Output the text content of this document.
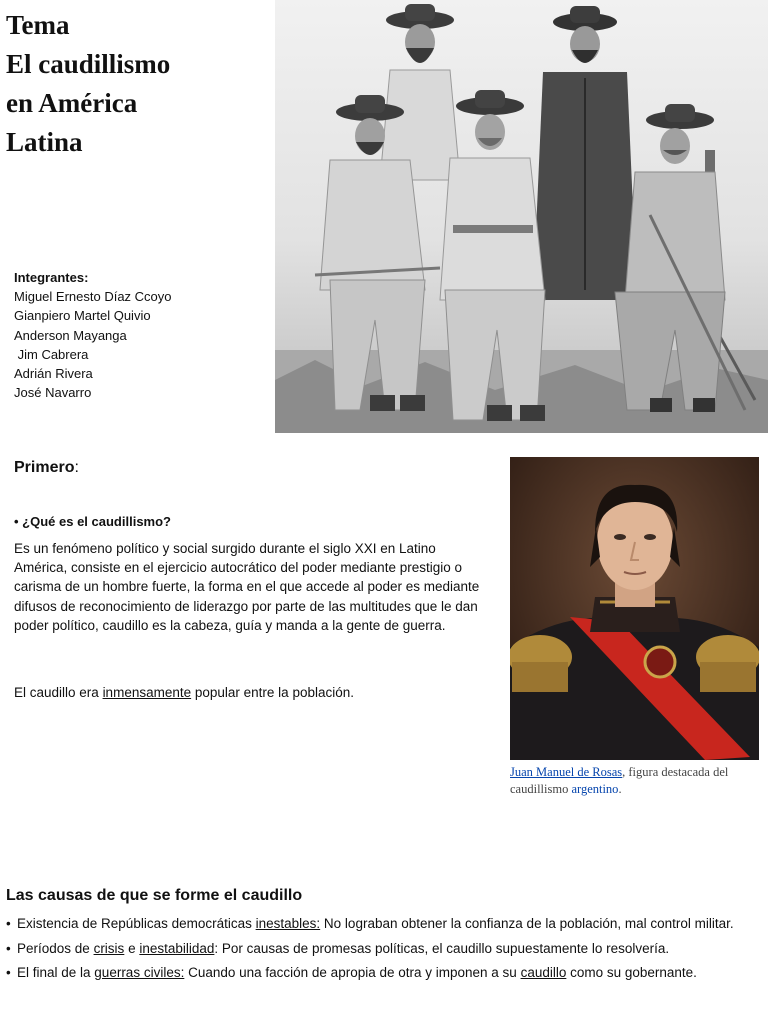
Tema
El caudillismo
en América
Latina
Integrantes:
Miguel Ernesto Díaz Ccoyo
Gianpiero Martel Quivio
Anderson Mayanga
Jim Cabrera
Adrián Rivera
José Navarro
Primero:
• ¿Qué es el caudillismo?

Es un fenómeno político y social surgido durante el siglo XXI en Latino América, consiste en el ejercicio autocrático del poder mediante prestigio o carisma de un hombre fuerte, la forma en el que accede al poder es mediante difusos de reconocimiento de liderazgo por parte de las multitudes que le dan poder político, caudillo es la cabeza, guía y manda a la gente de guerra.

El caudillo era inmensamente popular entre la población.
Juan Manuel de Rosas, figura destacada del caudillismo argentino.
Las causas de que se forme el caudillo
• Existencia de Repúblicas democráticas inestables: No lograban obtener la confianza de la población, mal control militar.
• Períodos de crisis e inestabilidad: Por causas de promesas políticas, el caudillo supuestamente lo resolvería.
• El final de la guerras civiles: Cuando una facción de apropia de otra y imponen a su caudillo como su gobernante.
